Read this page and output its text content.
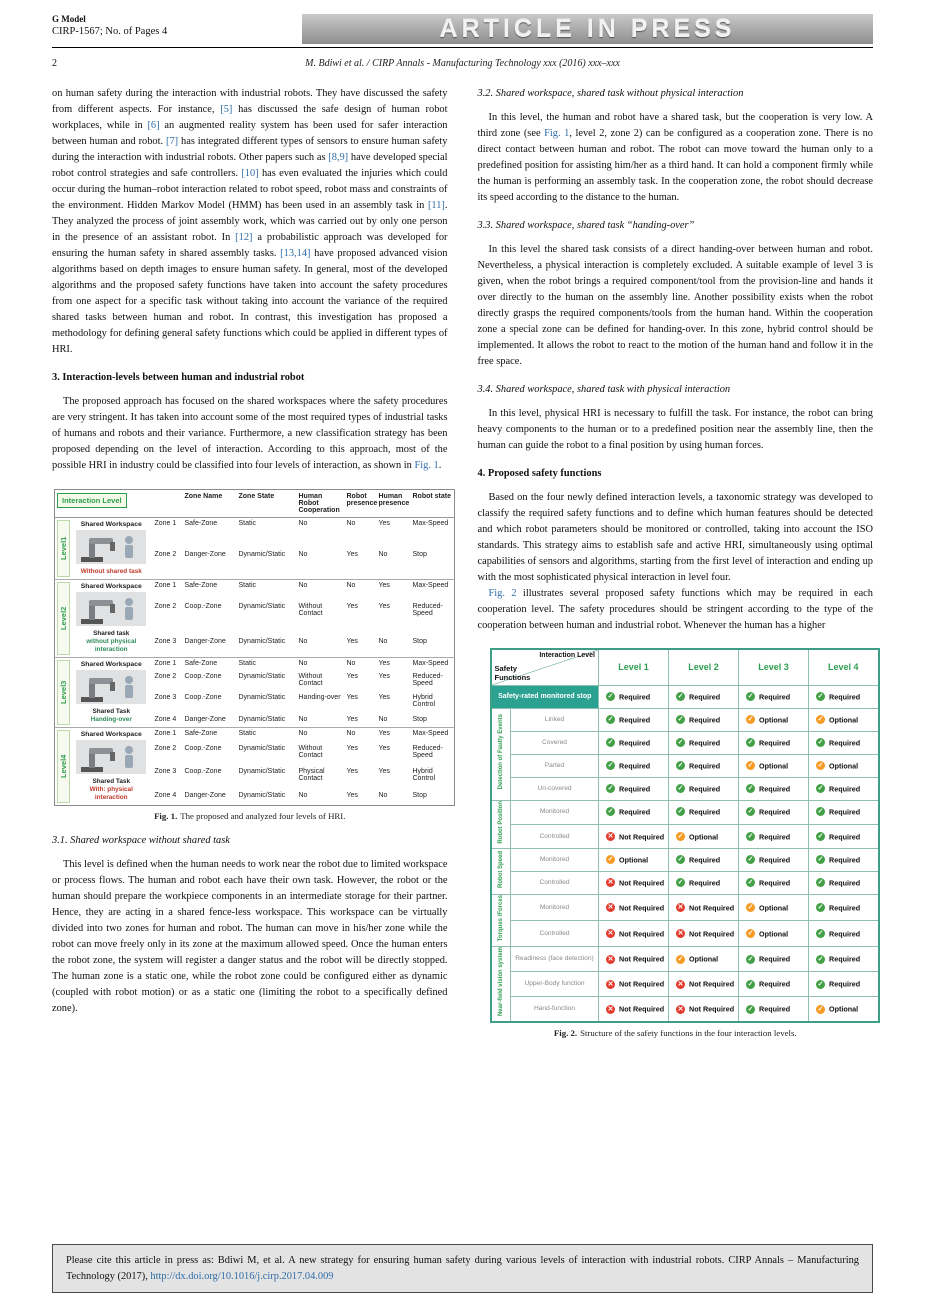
G Model
CIRP-1567; No. of Pages 4	ARTICLE IN PRESS
2	M. Bdiwi et al. / CIRP Annals - Manufacturing Technology xxx (2016) xxx–xxx

on human safety during the interaction with industrial robots. They have discussed the safety from different aspects. For instance, [5] has discussed the safe design of human robot workplaces, while in [6] an augmented reality system has been used for safer interaction between human and robot. [7] has integrated different types of sensors to ensure human safety during the interaction with industrial robots. Other papers such as [8,9] have developed special robot control strategies and safe controllers. [10] has even evaluated the injuries which could occur during the human–robot interaction related to robot speed, robot mass and constraints of the environment. Hidden Markov Model (HMM) has been used in an assembly task in [11]. They analyzed the process of joint assembly work, which was carried out by only one person in the presence of an assistant robot. In [12] a probabilistic approach was developed for ensuring the human safety in shared assembly tasks. [13,14] have proposed advanced vision algorithms based on depth images to ensure human safety. In general, most of the developed algorithms and the proposed safety functions have taken into account the safety procedures from one aspect for a specific task without taking into account the variance of the required shared tasks between human and robot. In contrast, this investigation has proposed a methodology for defining general safety functions which could be applied in different types of HRI.

3. Interaction-levels between human and industrial robot

The proposed approach has focused on the shared workspaces where the safety procedures are very stringent. It has taken into account some of the most required types of industrial tasks of humans and robots and their variance. Furthermore, a new classification strategy has been proposed depending on the level of interaction. According to this approach, most of the possible HRI in industry could be classified into four levels of interaction, as shown in Fig. 1.

Interaction Level		Zone Name	Zone State	Human Robot Cooperation	Robot presence	Human presence	Robot state

Level1
Shared Workspace
Without shared task	Zone 1	Safe-Zone	Static	No	No	Yes	Max-Speed
	Zone 2	Danger-Zone	Dynamic/Static	No	Yes	No	Stop

Level2
Shared Workspace
Shared task
without physical interaction	Zone 1	Safe-Zone	Static	No	No	Yes	Max-Speed
	Zone 2	Coop.-Zone	Dynamic/Static	Without Contact	Yes	Yes	Reduced-Speed
	Zone 3	Danger-Zone	Dynamic/Static	No	Yes	No	Stop

Level3
Shared Workspace
Shared Task
Handing-over	Zone 1	Safe-Zone	Static	No	No	Yes	Max-Speed
	Zone 2	Coop.-Zone	Dynamic/Static	Without Contact	Yes	Yes	Reduced-Speed
	Zone 3	Coop.-Zone	Dynamic/Static	Handing-over	Yes	Yes	Hybrid Control
	Zone 4	Danger-Zone	Dynamic/Static	No	Yes	No	Stop

Level4
Shared Workspace
Shared Task
With: physical interaction	Zone 1	Safe-Zone	Static	No	No	Yes	Max-Speed
	Zone 2	Coop.-Zone	Dynamic/Static	Without Contact	Yes	Yes	Reduced-Speed
	Zone 3	Coop.-Zone	Dynamic/Static	Physical Contact	Yes	Yes	Hybrid Control
	Zone 4	Danger-Zone	Dynamic/Static	No	Yes	No	Stop
Fig. 1. The proposed and analyzed four levels of HRI.
3.1. Shared workspace without shared task

This level is defined when the human needs to work near the robot due to limited workspace or process flows. The human and robot each have their own task. However, the robot or the human should prepare the workpiece components in an intermediate storage for their partner. Hence, they are acting in a shared fence-less workspace. This workspace can be virtually divided into two zones for human and robot. The human can move in his/her zone while the robot can move freely only in its zone at the maximum allowed speed. Once the human enters the robot zone, the system will register a danger status and the robot will be directly stopped. The human zone is a static one, while the robot zone could be configured either as dynamic (coupled with robot motion) or as a static one (limiting the robot to a specifically defined zone).

3.2. Shared workspace, shared task without physical interaction

In this level, the human and robot have a shared task, but the cooperation is very low. A third zone (see Fig. 1, level 2, zone 2) can be configured as a cooperation zone. There is no direct contact between human and robot. The robot can move toward the human only to a predefined position for assisting him/her as a third hand. It can hold a component firmly while the human is performing an assembly task. In the cooperation zone, the robot should decrease its speed according to the distance to the human.

3.3. Shared workspace, shared task “handing-over”

In this level the shared task consists of a direct handing-over between human and robot. Nevertheless, a physical interaction is completely excluded. A suitable example of level 3 is given, when the robot brings a required component/tool from the provision-line and hands it over directly to the human on the assembly line. Another possibility exists when the robot directly grasps the required components/tools from the human hand. Within the cooperation zone a special zone can be defined for handing-over. In this zone, hybrid control should be implemented. It allows the robot to react to the motion of the human hand and follow it in the free space.

3.4. Shared workspace, shared task with physical interaction

In this level, physical HRI is necessary to fulfill the task. For instance, the robot can bring heavy components to the human or to a predefined position near the assembly line, then the human can guide the robot to a final position by using human forces.

4. Proposed safety functions

Based on the four newly defined interaction levels, a taxonomic strategy was developed to classify the required safety functions and to define which human features should be detected and which robot parameters should be monitored or controlled, taking into account the ISO standards. This strategy aims to establish safe and active HRI, simultaneously using optimal capabilities of sensors and algorithms, starting from the first level of interaction and ending up with the most sophisticated physical interaction in level four.

Fig. 2 illustrates several proposed safety functions which may be required in each cooperation level. The safety procedures should be stringent according to the type of the cooperation between human and industrial robot. Whenever the human has a higher

Interaction Level
Safety Functions		Level 1	Level 2	Level 3	Level 4
Safety-rated monitored stop		✓ Required	✓ Required	✓ Required	✓ Required
Detection of Faulty Events	Linked	✓ Required	✓ Required	✓ Optional	✓ Optional
	Covered	✓ Required	✓ Required	✓ Required	✓ Required
	Parted	✓ Required	✓ Required	✓ Optional	✓ Optional
	Un-covered	✓ Required	✓ Required	✓ Required	✓ Required
Robot Position	Monitored	✓ Required	✓ Required	✓ Required	✓ Required
	Controlled	✕ Not Required	✓ Optional	✓ Required	✓ Required
Robot Speed	Monitored	✓ Optional	✓ Required	✓ Required	✓ Required
	Controlled	✕ Not Required	✓ Required	✓ Required	✓ Required
Torques /Forces	Monitored	✕ Not Required	✕ Not Required	✓ Optional	✓ Required
	Controlled	✕ Not Required	✕ Not Required	✓ Optional	✓ Required
Near-field vision system	Readiness (face detection)	✕ Not Required	✓ Optional	✓ Required	✓ Required
	Upper-Body function	✕ Not Required	✕ Not Required	✓ Required	✓ Required
	Hand-function	✕ Not Required	✕ Not Required	✓ Required	✓ Optional
Fig. 2. Structure of the safety functions in the four interaction levels.

Please cite this article in press as: Bdiwi M, et al. A new strategy for ensuring human safety during various levels of interaction with industrial robots. CIRP Annals – Manufacturing Technology (2017), http://dx.doi.org/10.1016/j.cirp.2017.04.009
